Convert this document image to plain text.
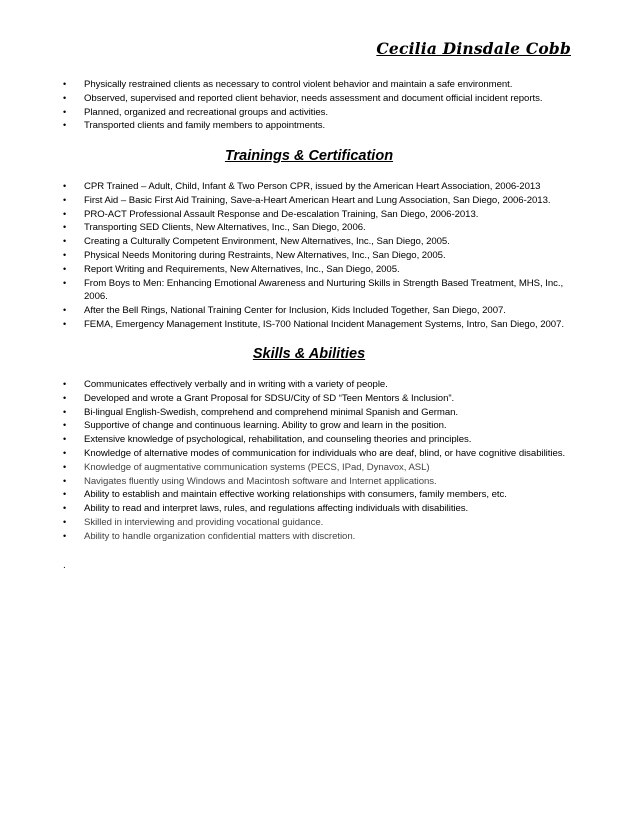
Cecilia Dinsdale Cobb
• Physically restrained clients as necessary to control violent behavior and maintain a safe environment.
• Observed, supervised and reported client behavior, needs assessment and document official incident reports.
• Planned, organized and recreational groups and activities.
• Transported clients and family members to appointments.
Trainings & Certification
• CPR Trained – Adult, Child, Infant & Two Person CPR, issued by the American Heart Association, 2006-2013
• First Aid – Basic First Aid Training, Save-a-Heart American Heart and Lung Association, San Diego, 2006-2013.
• PRO-ACT Professional Assault Response and De-escalation Training, San Diego, 2006-2013.
• Transporting SED Clients, New Alternatives, Inc., San Diego, 2006.
• Creating a Culturally Competent Environment, New Alternatives, Inc., San Diego, 2005.
• Physical Needs Monitoring during Restraints, New Alternatives, Inc., San Diego, 2005.
• Report Writing and Requirements, New Alternatives, Inc., San Diego, 2005.
• From Boys to Men: Enhancing Emotional Awareness and Nurturing Skills in Strength Based Treatment, MHS, Inc., 2006.
• After the Bell Rings, National Training Center for Inclusion, Kids Included Together, San Diego, 2007.
• FEMA, Emergency Management Institute, IS-700 National Incident Management Systems, Intro, San Diego, 2007.
Skills & Abilities
• Communicates effectively verbally and in writing with a variety of people.
• Developed and wrote a Grant Proposal for SDSU/City of SD “Teen Mentors & Inclusion”.
• Bi-lingual English-Swedish, comprehend and comprehend minimal Spanish and German.
• Supportive of change and continuous learning. Ability to grow and learn in the position.
• Extensive knowledge of psychological, rehabilitation, and counseling theories and principles.
• Knowledge of alternative modes of communication for individuals who are deaf, blind, or have cognitive disabilities.
• Knowledge of augmentative communication systems (PECS, IPad, Dynavox, ASL)
• Navigates fluently using Windows and Macintosh software and Internet applications.
• Ability to establish and maintain effective working relationships with consumers, family members, etc.
• Ability to read and interpret laws, rules, and regulations affecting individuals with disabilities.
• Skilled in interviewing and providing vocational guidance.
• Ability to handle organization confidential matters with discretion.
.
